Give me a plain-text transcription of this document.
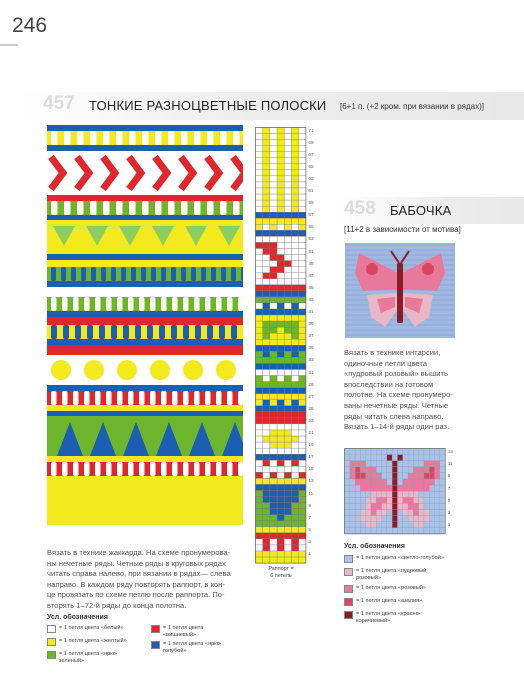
246
457 ТОНКИЕ РАЗНОЦВЕТНЫЕ ПОЛОСКИ [6+1 п. (+2 кром. при вязании в рядах)]
71
69
67
65
63
61
59
57
55
53
51
49
47
45
43
41
39
37
35
33
31
29
27
25
23
21
19
17
15
13
11
9
7
5
3
1
Раппорт =
6 петель
Вязать в технике жаккарда. На схеме пронумерова-
ны нечетные ряды. Четные ряды в круговых рядах
читать справа налево, при вязании в рядах— слева
направо. В каждом ряду повторять раппорт, в кон-
це провязать по схеме петлю после раппорта. По-
вторять 1–72-й ряды до конца полотна.
Усл. обозначения
= 1 петля цвета «белый»	= 1 петля цвета
«вишневый»
= 1 петля цвета «желтый»	= 1 петля цвета «ярко-
голубой»
= 1 петля цвета «ярко-
зеленый»
458 БАБОЧКА
[11+2 в зависимости от мотива]
Вязать в технике интарсии,
одиночные петли цвета
«пудровый розовый» вышить
впоследствии на готовом
полотне. На схеме пронумеро-
ваны нечетные ряды. Четные
ряды читать слева направо.
Вязать 1–14-й ряды один раз.
13
11
9
7
5
3
1
Усл. обозначения
= 1 петля цвета «светло-голубой»
= 1 петля цвета «пудровый
розовый»
= 1 петля цвета «розовый»
= 1 петля цвета «азалия»
= 1 петля цвета «красно-
коричневый»
